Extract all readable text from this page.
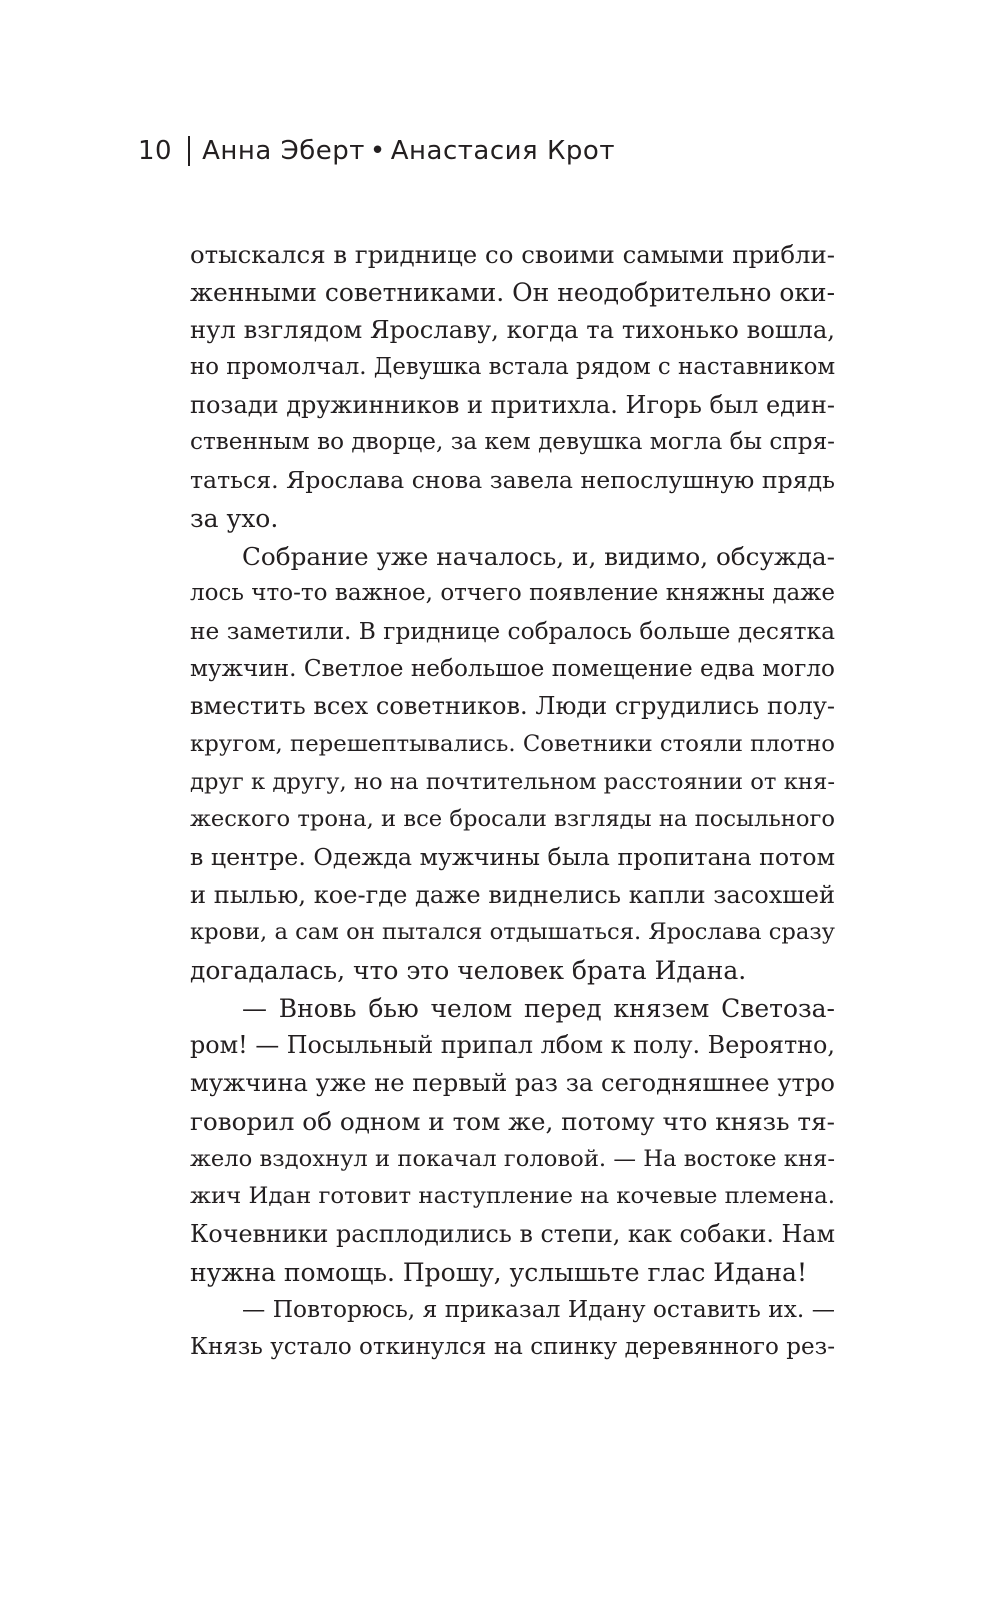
10 Анна Эберт • Анастасия Крот
отыскался в гриднице со своими самыми прибли-
женными советниками. Он неодобрительно оки-
нул взглядом Ярославу, когда та тихонько вошла,
но промолчал. Девушка встала рядом с наставником
позади дружинников и притихла. Игорь был един-
ственным во дворце, за кем девушка могла бы спря-
таться. Ярослава снова завела непослушную прядь
за ухо.
Собрание уже началось, и, видимо, обсужда-
лось что-то важное, отчего появление княжны даже
не заметили. В гриднице собралось больше десятка
мужчин. Светлое небольшое помещение едва могло
вместить всех советников. Люди сгрудились полу-
кругом, перешептывались. Советники стояли плотно
друг к другу, но на почтительном расстоянии от кня-
жеского трона, и все бросали взгляды на посыльного
в центре. Одежда мужчины была пропитана потом
и пылью, кое-где даже виднелись капли засохшей
крови, а сам он пытался отдышаться. Ярослава сразу
догадалась, что это человек брата Идана.
— Вновь бью челом перед князем Светоза-
ром! — Посыльный припал лбом к полу. Вероятно,
мужчина уже не первый раз за сегодняшнее утро
говорил об одном и том же, потому что князь тя-
жело вздохнул и покачал головой. — На востоке кня-
жич Идан готовит наступление на кочевые племена.
Кочевники расплодились в степи, как собаки. Нам
нужна помощь. Прошу, услышьте глас Идана!
— Повторюсь, я приказал Идану оставить их. —
Князь устало откинулся на спинку деревянного рез-
